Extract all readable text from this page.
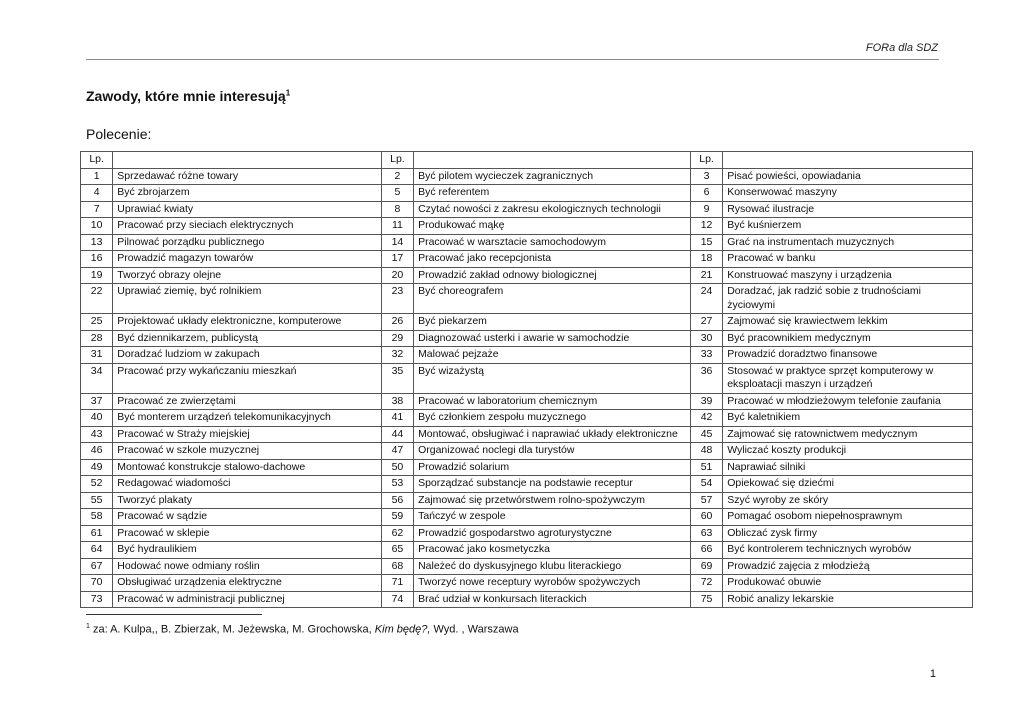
FORa dla SDZ
Zawody, które mnie interesują$^1$
Polecenie:
Lp.		Lp.		Lp.	
1	Sprzedawać różne towary	2	Być pilotem wycieczek zagranicznych	3	Pisać powieści, opowiadania
4	Być zbrojarzem	5	Być referentem	6	Konserwować maszyny
7	Uprawiać kwiaty	8	Czytać nowości z zakresu ekologicznych technologii	9	Rysować ilustracje
10	Pracować przy sieciach elektrycznych	11	Produkować mąkę	12	Być kuśnierzem
13	Pilnować porządku publicznego	14	Pracować w warsztacie samochodowym	15	Grać na instrumentach muzycznych
16	Prowadzić magazyn towarów	17	Pracować jako recepcjonista	18	Pracować w banku
19	Tworzyć obrazy olejne	20	Prowadzić zakład odnowy biologicznej	21	Konstruować maszyny i urządzenia
22	Uprawiać ziemię, być rolnikiem	23	Być choreografem	24	Doradzać, jak radzić sobie z trudnościami życiowymi
25	Projektować układy elektroniczne, komputerowe	26	Być piekarzem	27	Zajmować się krawiectwem lekkim
28	Być dziennikarzem, publicystą	29	Diagnozować usterki i awarie w samochodzie	30	Być pracownikiem medycznym
31	Doradzać ludziom w zakupach	32	Malować pejzaże	33	Prowadzić doradztwo finansowe
34	Pracować przy wykańczaniu mieszkań	35	Być wizażystą	36	Stosować w praktyce sprzęt komputerowy w eksploatacji maszyn i urządzeń
37	Pracować ze zwierzętami	38	Pracować w laboratorium chemicznym	39	Pracować w młodzieżowym telefonie zaufania
40	Być monterem urządzeń telekomunikacyjnych	41	Być członkiem zespołu muzycznego	42	Być kaletnikiem
43	Pracować w Straży miejskiej	44	Montować, obsługiwać i naprawiać układy elektroniczne	45	Zajmować się ratownictwem medycznym
46	Pracować w szkole muzycznej	47	Organizować noclegi dla turystów	48	Wyliczać koszty produkcji
49	Montować konstrukcje stalowo-dachowe	50	Prowadzić solarium	51	Naprawiać silniki
52	Redagować wiadomości	53	Sporządzać substancje na podstawie receptur	54	Opiekować się dziećmi
55	Tworzyć plakaty	56	Zajmować się przetwórstwem rolno-spożywczym	57	Szyć wyroby ze skóry
58	Pracować w sądzie	59	Tańczyć w zespole	60	Pomagać osobom niepełnosprawnym
61	Pracować w sklepie	62	Prowadzić gospodarstwo agroturystyczne	63	Obliczać zysk firmy
64	Być hydraulikiem	65	Pracować jako kosmetyczka	66	Być kontrolerem technicznych wyrobów
67	Hodować nowe odmiany roślin	68	Należeć do dyskusyjnego klubu literackiego	69	Prowadzić zajęcia z młodzieżą
70	Obsługiwać urządzenia elektryczne	71	Tworzyć nowe receptury wyrobów spożywczych	72	Produkować obuwie
73	Pracować w administracji publicznej	74	Brać udział w konkursach literackich	75	Robić analizy lekarskie
$^1$ za: A. Kulpa,, B. Zbierzak, M. Jeżewska, M. Grochowska, Kim będę?, Wyd. , Warszawa
1
